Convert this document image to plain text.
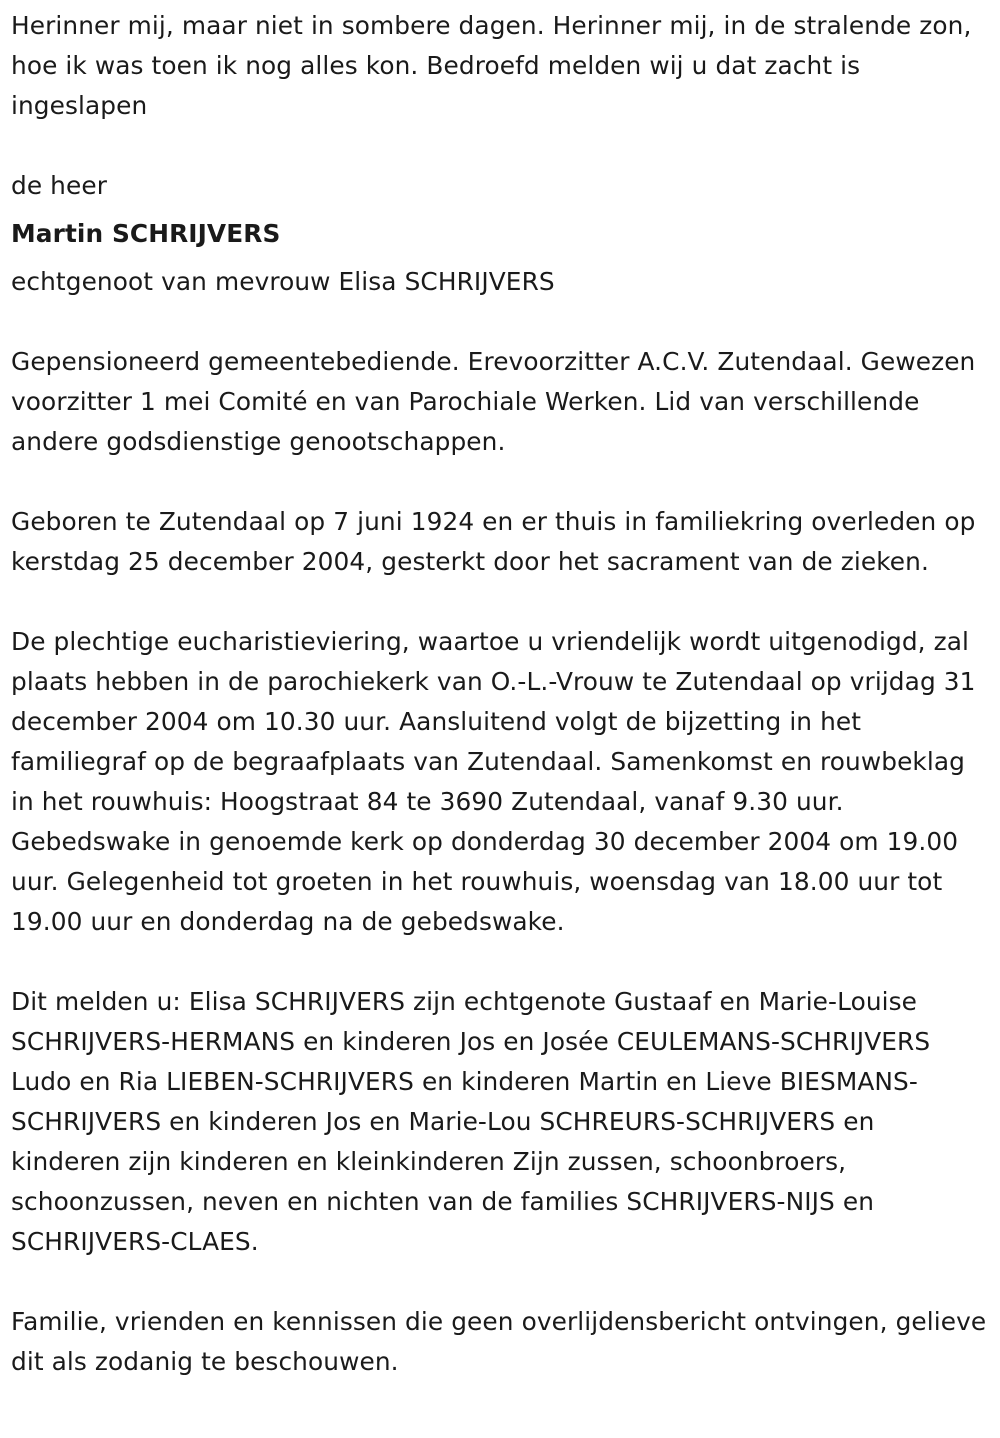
Herinner mij, maar niet in sombere dagen. Herinner mij, in de stralende zon, hoe ik was toen ik nog alles kon. Bedroefd melden wij u dat zacht is ingeslapen

de heer

Martin SCHRIJVERS

echtgenoot van mevrouw Elisa SCHRIJVERS

Gepensioneerd gemeentebediende. Erevoorzitter A.C.V. Zutendaal. Gewezen voorzitter 1 mei Comité en van Parochiale Werken. Lid van verschillende andere godsdienstige genootschappen.

Geboren te Zutendaal op 7 juni 1924 en er thuis in familiekring overleden op kerstdag 25 december 2004, gesterkt door het sacrament van de zieken.

De plechtige eucharistieviering, waartoe u vriendelijk wordt uitgenodigd, zal plaats hebben in de parochiekerk van O.-L.-Vrouw te Zutendaal op vrijdag 31 december 2004 om 10.30 uur. Aansluitend volgt de bijzetting in het familiegraf op de begraafplaats van Zutendaal. Samenkomst en rouwbeklag in het rouwhuis: Hoogstraat 84 te 3690 Zutendaal, vanaf 9.30 uur. Gebedswake in genoemde kerk op donderdag 30 december 2004 om 19.00 uur. Gelegenheid tot groeten in het rouwhuis, woensdag van 18.00 uur tot 19.00 uur en donderdag na de gebedswake.

Dit melden u: Elisa SCHRIJVERS zijn echtgenote Gustaaf en Marie-Louise SCHRIJVERS-HERMANS en kinderen Jos en Josée CEULEMANS-SCHRIJVERS Ludo en Ria LIEBEN-SCHRIJVERS en kinderen Martin en Lieve BIESMANS-SCHRIJVERS en kinderen Jos en Marie-Lou SCHREURS-SCHRIJVERS en kinderen zijn kinderen en kleinkinderen Zijn zussen, schoonbroers, schoonzussen, neven en nichten van de families SCHRIJVERS-NIJS en SCHRIJVERS-CLAES.

Familie, vrienden en kennissen die geen overlijdensbericht ontvingen, gelieve dit als zodanig te beschouwen.
